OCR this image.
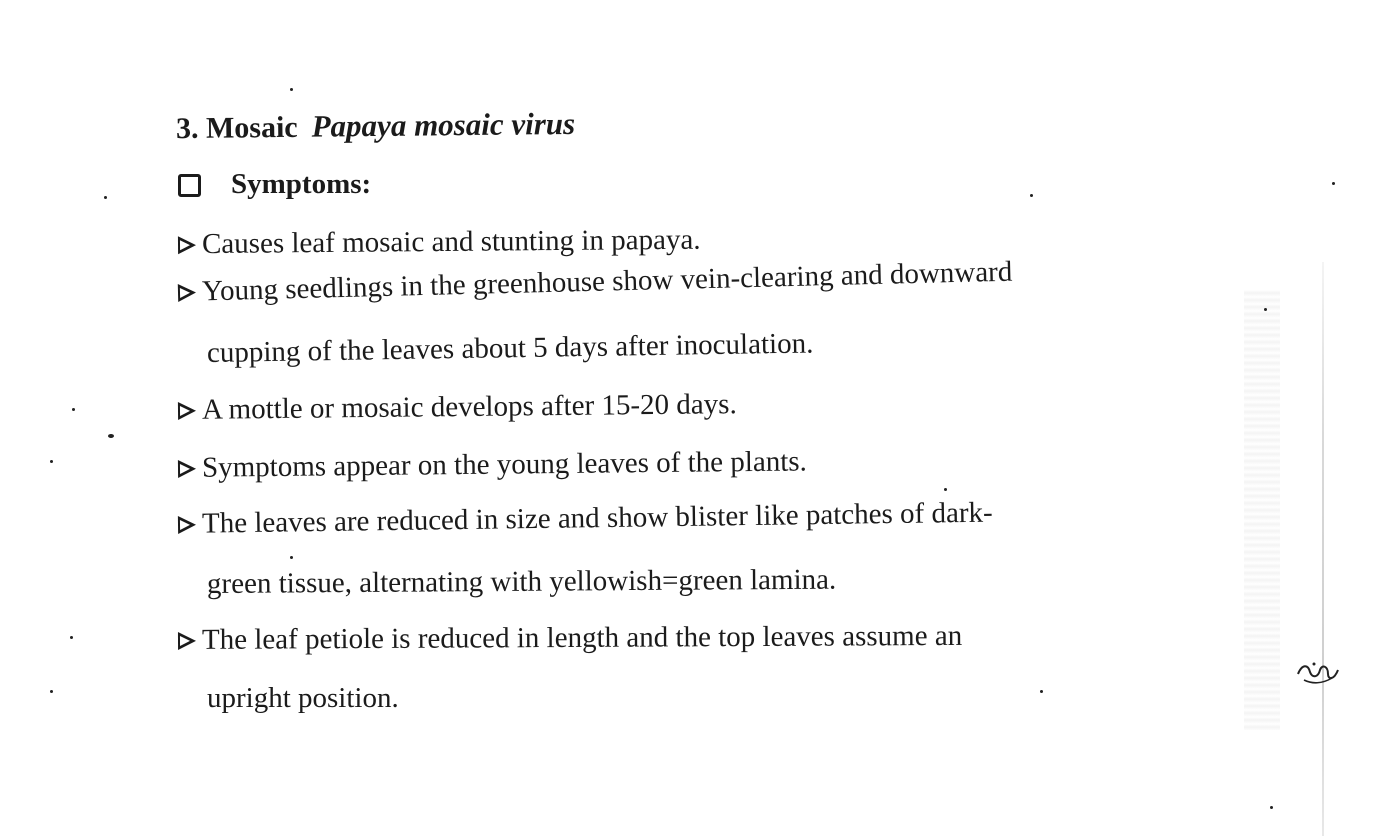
3. Mosaic Papaya mosaic virus
Symptoms:
Causes leaf mosaic and stunting in papaya.
Young seedlings in the greenhouse show vein-clearing and downward
cupping of the leaves about 5 days after inoculation.
A mottle or mosaic develops after 15-20 days.
Symptoms appear on the young leaves of the plants.
The leaves are reduced in size and show blister like patches of dark-
green tissue, alternating with yellowish=green lamina.
The leaf petiole is reduced in length and the top leaves assume an
upright position.
